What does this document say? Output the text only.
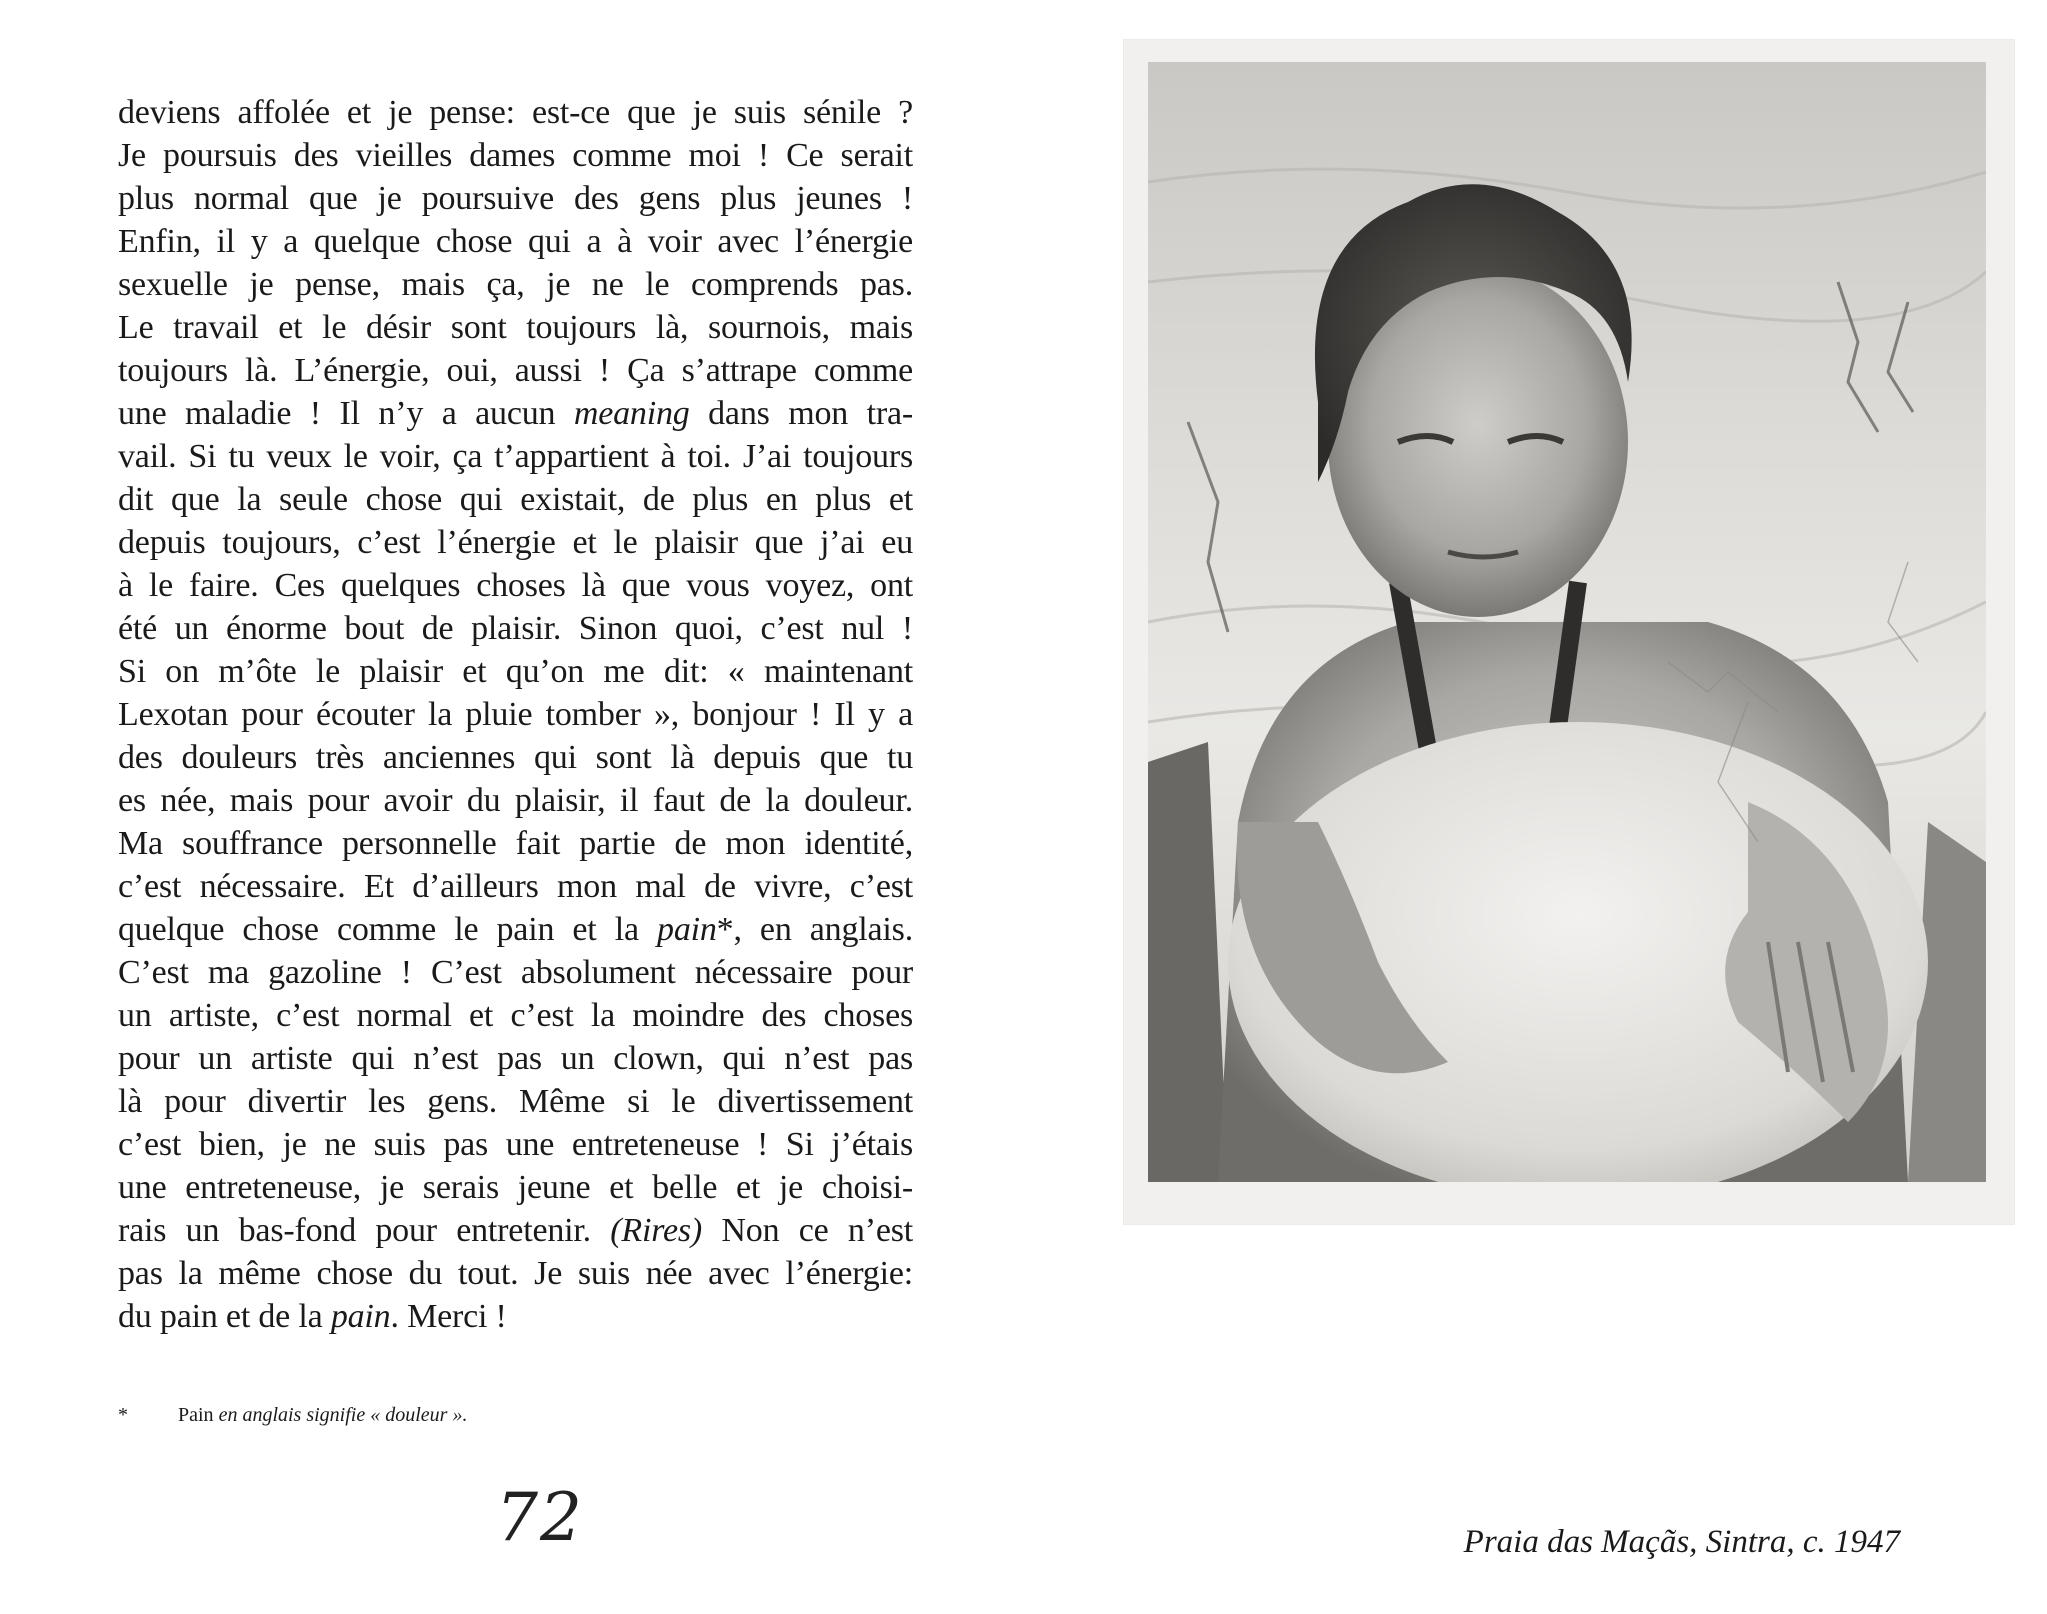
deviens affolée et je pense: est-ce que je suis sénile ?
Je poursuis des vieilles dames comme moi ! Ce serait
plus normal que je poursuive des gens plus jeunes !
Enfin, il y a quelque chose qui a à voir avec l’énergie
sexuelle je pense, mais ça, je ne le comprends pas.
Le travail et le désir sont toujours là, sournois, mais
toujours là. L’énergie, oui, aussi ! Ça s’attrape comme
une maladie ! Il n’y a aucun meaning dans mon tra-
vail. Si tu veux le voir, ça t’appartient à toi. J’ai toujours
dit que la seule chose qui existait, de plus en plus et
depuis toujours, c’est l’énergie et le plaisir que j’ai eu
à le faire. Ces quelques choses là que vous voyez, ont
été un énorme bout de plaisir. Sinon quoi, c’est nul !
Si on m’ôte le plaisir et qu’on me dit: « maintenant
Lexotan pour écouter la pluie tomber », bonjour ! Il y a
des douleurs très anciennes qui sont là depuis que tu
es née, mais pour avoir du plaisir, il faut de la douleur.
Ma souffrance personnelle fait partie de mon identité,
c’est nécessaire. Et d’ailleurs mon mal de vivre, c’est
quelque chose comme le pain et la pain*, en anglais.
C’est ma gazoline ! C’est absolument nécessaire pour
un artiste, c’est normal et c’est la moindre des choses
pour un artiste qui n’est pas un clown, qui n’est pas
là pour divertir les gens. Même si le divertissement
c’est bien, je ne suis pas une entreteneuse ! Si j’étais
une entreteneuse, je serais jeune et belle et je choisi-
rais un bas-fond pour entretenir. (Rires) Non ce n’est
pas la même chose du tout. Je suis née avec l’énergie:
du pain et de la pain. Merci !
*	Pain en anglais signifie « douleur ».
72	Praia das Maçãs, Sintra, c. 1947
